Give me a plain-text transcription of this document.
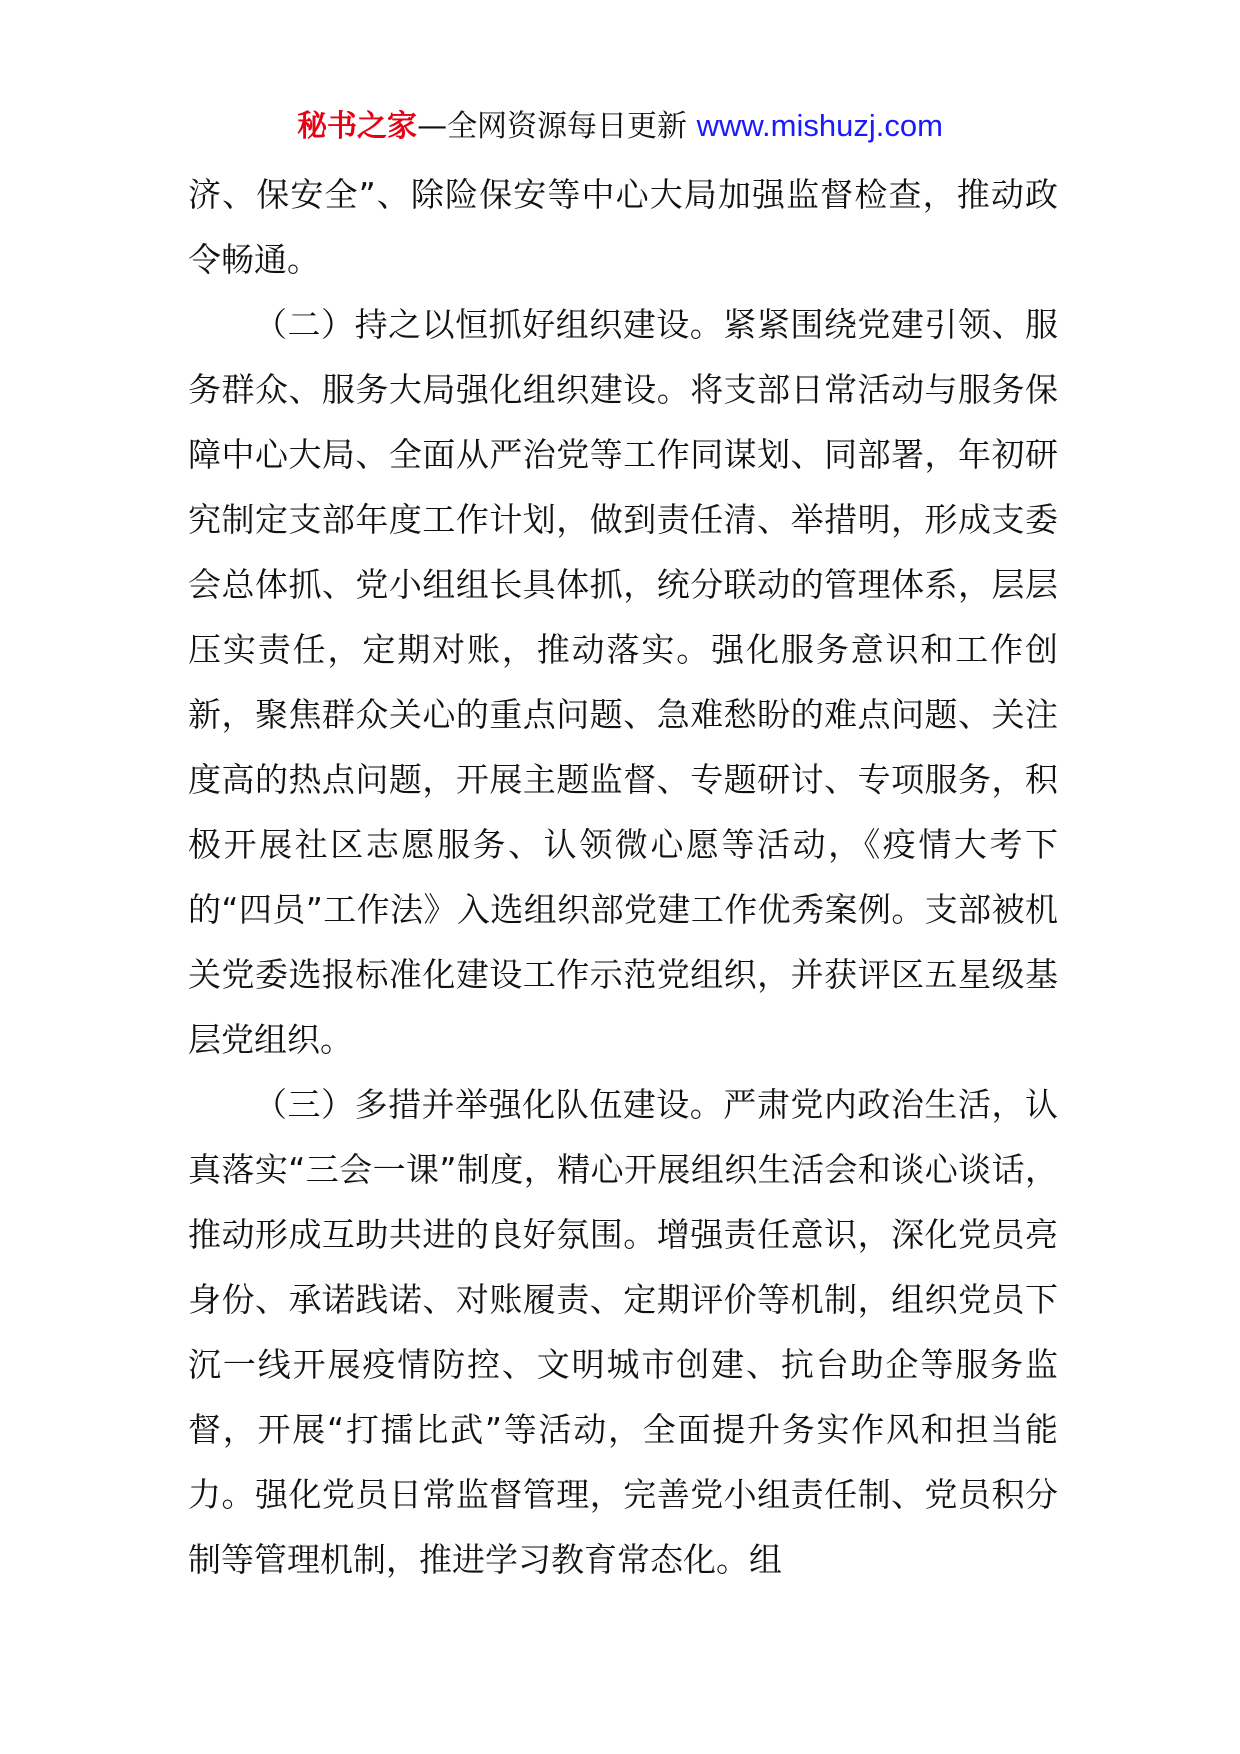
秘书之家—全网资源每日更新 www.mishuzj.com

济、保安全”、除险保安等中心大局加强监督检查，推动政令畅通。

（二）持之以恒抓好组织建设。紧紧围绕党建引领、服务群众、服务大局强化组织建设。将支部日常活动与服务保障中心大局、全面从严治党等工作同谋划、同部署，年初研究制定支部年度工作计划，做到责任清、举措明，形成支委会总体抓、党小组组长具体抓，统分联动的管理体系，层层压实责任，定期对账，推动落实。强化服务意识和工作创新，聚焦群众关心的重点问题、急难愁盼的难点问题、关注度高的热点问题，开展主题监督、专题研讨、专项服务，积极开展社区志愿服务、认领微心愿等活动，《疫情大考下的“四员”工作法》入选组织部党建工作优秀案例。支部被机关党委选报标准化建设工作示范党组织，并获评区五星级基层党组织。

（三）多措并举强化队伍建设。严肃党内政治生活，认真落实“三会一课”制度，精心开展组织生活会和谈心谈话，推动形成互助共进的良好氛围。增强责任意识，深化党员亮身份、承诺践诺、对账履责、定期评价等机制，组织党员下沉一线开展疫情防控、文明城市创建、抗台助企等服务监督，开展“打擂比武”等活动，全面提升务实作风和担当能力。强化党员日常监督管理，完善党小组责任制、党员积分制等管理机制，推进学习教育常态化。组
